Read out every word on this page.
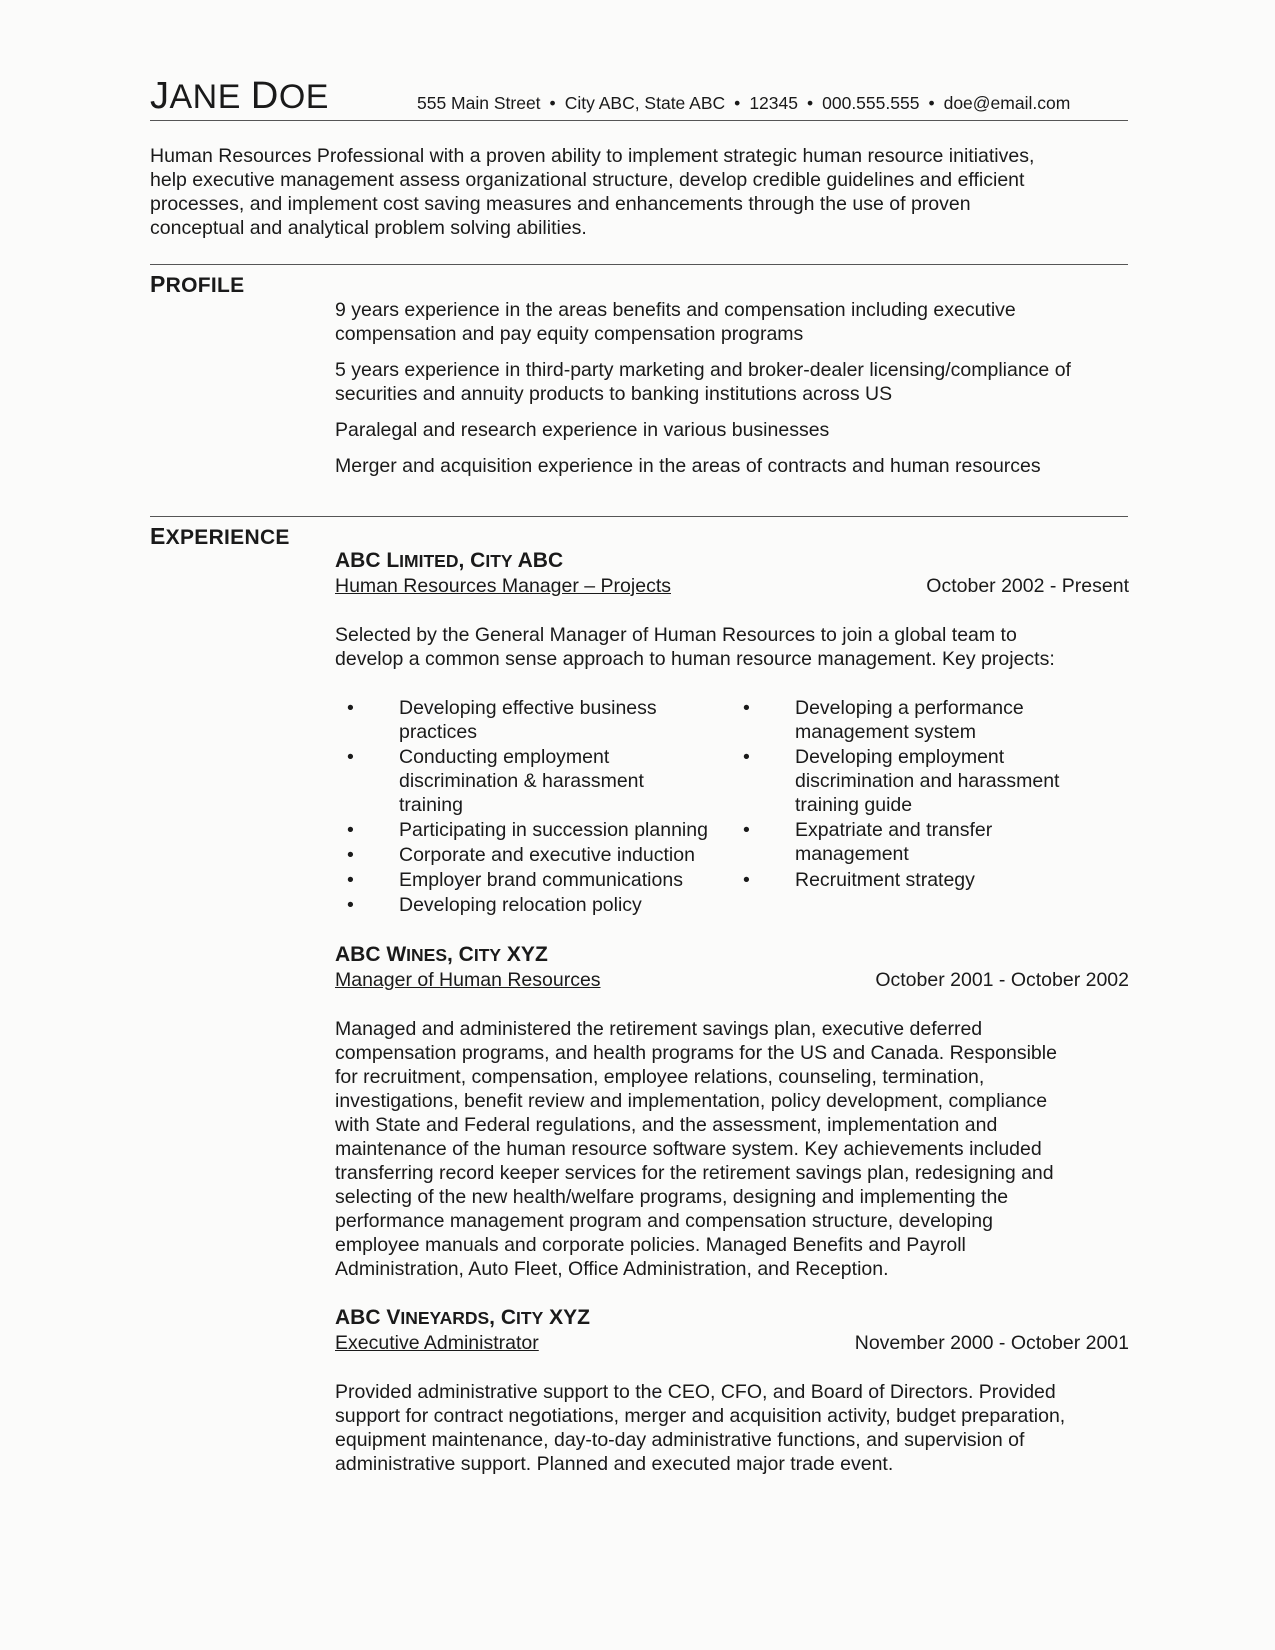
JANE DOE	555 Main Street • City ABC, State ABC • 12345 • 000.555.555 • doe@email.com

Human Resources Professional with a proven ability to implement strategic human resource initiatives,

help executive management assess organizational structure, develop credible guidelines and efficient

processes, and implement cost saving measures and enhancements through the use of proven

conceptual and analytical problem solving abilities.

PROFILE
9 years experience in the areas benefits and compensation including executive
compensation and pay equity compensation programs
5 years experience in third-party marketing and broker-dealer licensing/compliance of
securities and annuity products to banking institutions across US
Paralegal and research experience in various businesses
Merger and acquisition experience in the areas of contracts and human resources
EXPERIENCE
ABC LIMITED, CITY ABC
Human Resources Manager – Projects	October 2002 - Present
Selected by the General Manager of Human Resources to join a global team to
develop a common sense approach to human resource management. Key projects:
• Developing effective business
practices
• Conducting employment
discrimination & harassment
training
• Participating in succession planning
• Corporate and executive induction
• Employer brand communications
• Developing relocation policy
• Developing a performance
management system
• Developing employment
discrimination and harassment
training guide
• Expatriate and transfer
management
• Recruitment strategy
ABC WINES, CITY XYZ
Manager of Human Resources	October 2001 - October 2002
Managed and administered the retirement savings plan, executive deferred
compensation programs, and health programs for the US and Canada. Responsible
for recruitment, compensation, employee relations, counseling, termination,
investigations, benefit review and implementation, policy development, compliance
with State and Federal regulations, and the assessment, implementation and
maintenance of the human resource software system. Key achievements included
transferring record keeper services for the retirement savings plan, redesigning and
selecting of the new health/welfare programs, designing and implementing the
performance management program and compensation structure, developing
employee manuals and corporate policies. Managed Benefits and Payroll
Administration, Auto Fleet, Office Administration, and Reception.
ABC VINEYARDS, CITY XYZ
Executive Administrator	November 2000 - October 2001
Provided administrative support to the CEO, CFO, and Board of Directors. Provided
support for contract negotiations, merger and acquisition activity, budget preparation,
equipment maintenance, day-to-day administrative functions, and supervision of
administrative support. Planned and executed major trade event.
